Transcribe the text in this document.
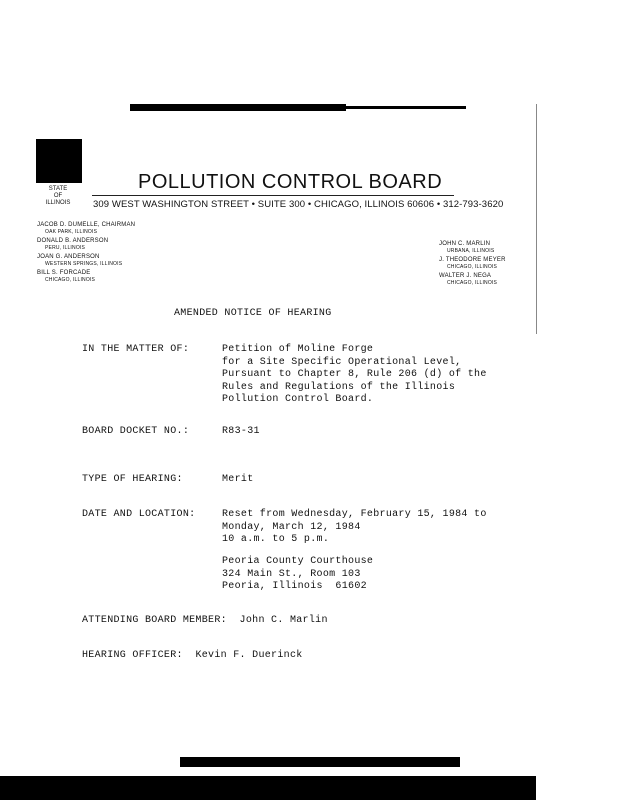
STATE
OF
ILLINOIS
POLLUTION CONTROL BOARD
309 WEST WASHINGTON STREET • SUITE 300 • CHICAGO, ILLINOIS 60606 • 312-793-3620
JACOB D. DUMELLE, CHAIRMAN
OAK PARK, ILLINOIS
DONALD B. ANDERSON
PERU, ILLINOIS
JOAN G. ANDERSON
WESTERN SPRINGS, ILLINOIS
BILL S. FORCADE
CHICAGO, ILLINOIS
JOHN C. MARLIN
URBANA, ILLINOIS
J. THEODORE MEYER
CHICAGO, ILLINOIS
WALTER J. NEGA
CHICAGO, ILLINOIS
AMENDED NOTICE OF HEARING
IN THE MATTER OF:	Petition of Moline Forge
for a Site Specific Operational Level,
Pursuant to Chapter 8, Rule 206 (d) of the
Rules and Regulations of the Illinois
Pollution Control Board.
BOARD DOCKET NO.:	R83-31
TYPE OF HEARING:	Merit
DATE AND LOCATION:	Reset from Wednesday, February 15, 1984 to
Monday, March 12, 1984
10 a.m. to 5 p.m.
Peoria County Courthouse
324 Main St., Room 103
Peoria, Illinois  61602
ATTENDING BOARD MEMBER: John C. Marlin
HEARING OFFICER: Kevin F. Duerinck
